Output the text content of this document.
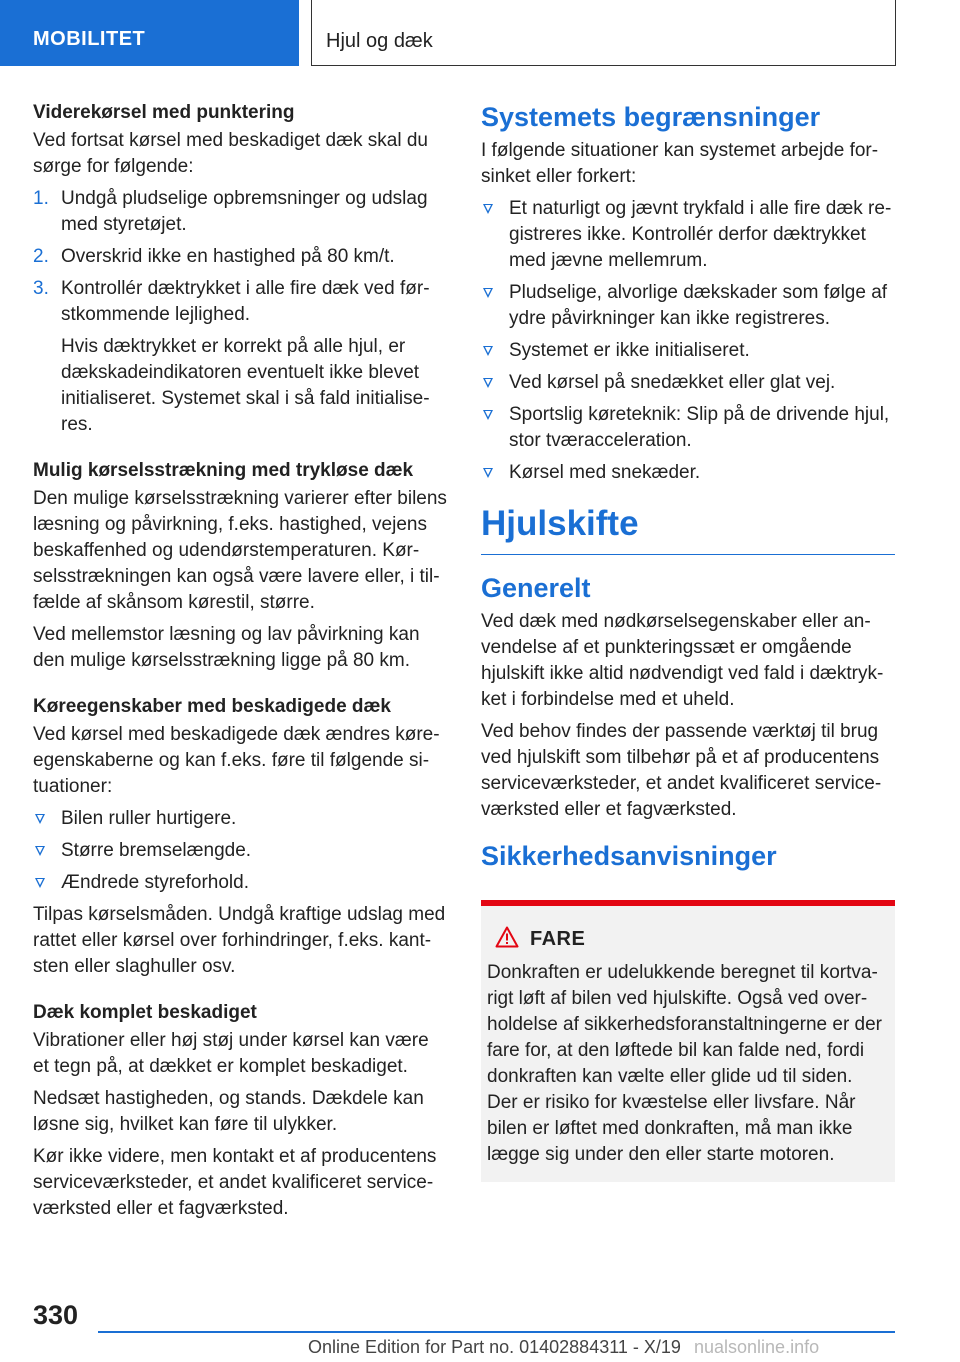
MOBILITET	Hjul og dæk
Viderekørsel med punktering

Ved fortsat kørsel med beskadiget dæk skal du sørge for følgende:

1. Undgå pludselige opbremsninger og udslag med styretøjet.
2. Overskrid ikke en hastighed på 80 km/t.
3. Kontrollér dæktrykket i alle fire dæk ved førstkommende lejlighed.

Hvis dæktrykket er korrekt på alle hjul, er dækskadeindikatoren eventuelt ikke blevet initialiseret. Systemet skal i så fald initialiseres.

Mulig kørselsstrækning med trykløse dæk

Den mulige kørselsstrækning varierer efter bilens læsning og påvirkning, f.eks. hastighed, vejens beskaffenhed og udendørstemperaturen. Kørselsstrækningen kan også være lavere eller, i tilfælde af skånsom kørestil, større.

Ved mellemstor læsning og lav påvirkning kan den mulige kørselsstrækning ligge på 80 km.

Køreegenskaber med beskadigede dæk

Ved kørsel med beskadigede dæk ændres køreegenskaberne og kan f.eks. føre til følgende situationer:

Bilen ruller hurtigere.
Større bremselængde.
Ændrede styreforhold.

Tilpas kørselsmåden. Undgå kraftige udslag med rattet eller kørsel over forhindringer, f.eks. kantsten eller slaghuller osv.

Dæk komplet beskadiget

Vibrationer eller høj støj under kørsel kan være et tegn på, at dækket er komplet beskadiget.

Nedsæt hastigheden, og stands. Dækdele kan løsne sig, hvilket kan føre til ulykker.

Kør ikke videre, men kontakt et af producentens serviceværksteder, et andet kvalificeret serviceværksted eller et fagværksted.

Systemets begrænsninger

I følgende situationer kan systemet arbejde forsinket eller forkert:

Et naturligt og jævnt trykfald i alle fire dæk registreres ikke. Kontrollér derfor dæktrykket med jævne mellemrum.
Pludselige, alvorlige dækskader som følge af ydre påvirkninger kan ikke registreres.
Systemet er ikke initialiseret.
Ved kørsel på snedækket eller glat vej.
Sportslig køreteknik: Slip på de drivende hjul, stor tværacceleration.
Kørsel med snekæder.
Hjulskifte
Generelt

Ved dæk med nødkørselsegenskaber eller anvendelse af et punkteringssæt er omgående hjulskift ikke altid nødvendigt ved fald i dæktrykket i forbindelse med et uheld.

Ved behov findes der passende værktøj til brug ved hjulskift som tilbehør på et af producentens serviceværksteder, et andet kvalificeret serviceværksted eller et fagværksted.

Sikkerhedsanvisninger
FARE

Donkraften er udelukkende beregnet til kortvarigt løft af bilen ved hjulskifte. Også ved overholdelse af sikkerhedsforanstaltningerne er der fare for, at den løftede bil kan falde ned, fordi donkraften kan vælte eller glide ud til siden. Der er risiko for kvæstelse eller livsfare. Når bilen er løftet med donkraften, må man ikke lægge sig under den eller starte motoren.

330
Online Edition for Part no. 01402884311 - X/19 nualsonline.info
